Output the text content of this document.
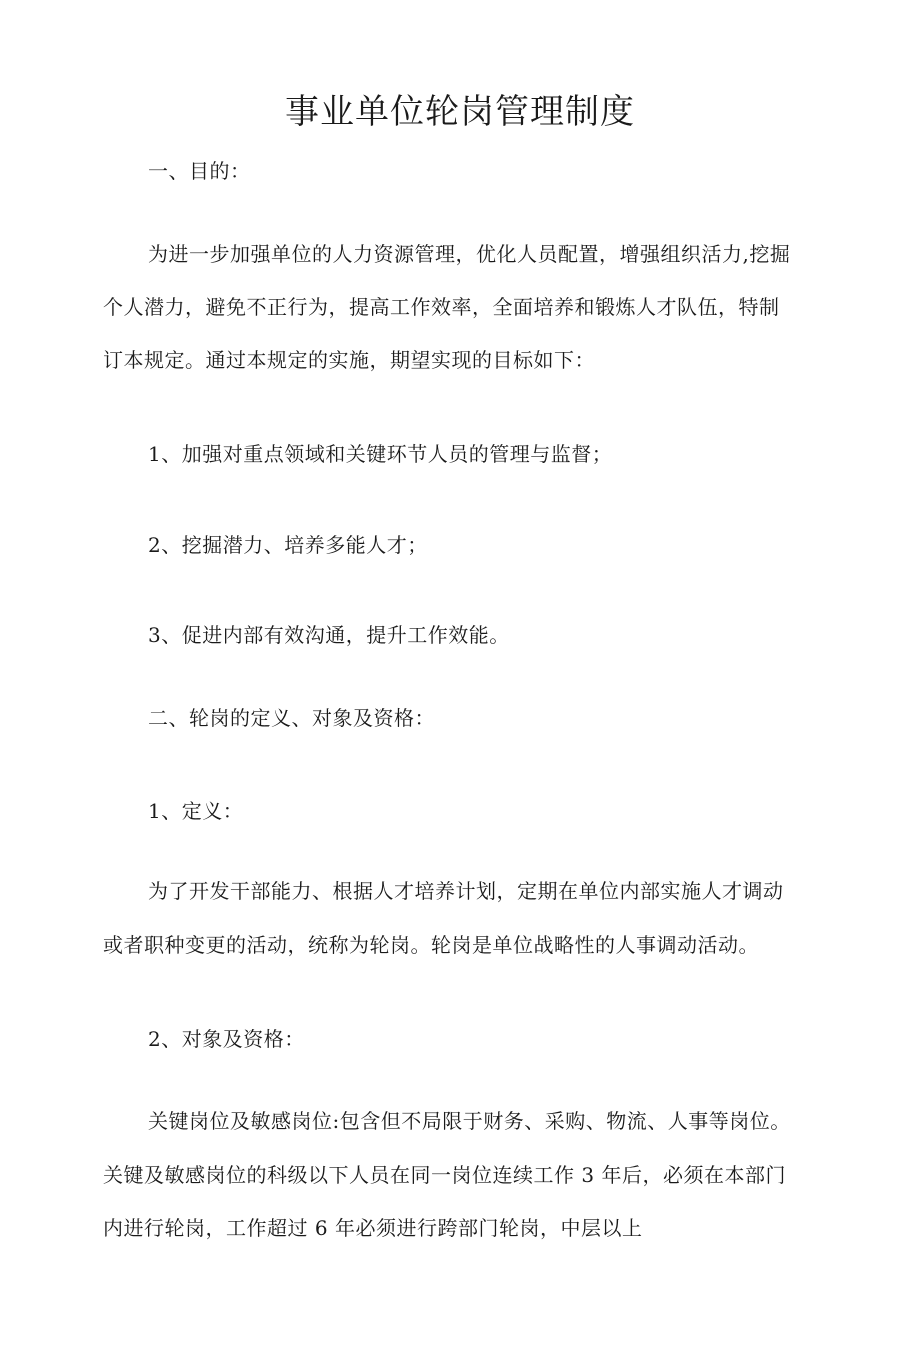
事业单位轮岗管理制度
一、目的：
为进一步加强单位的人力资源管理，优化人员配置，增强组织活力,挖掘
个人潜力，避免不正行为，提高工作效率，全面培养和锻炼人才队伍，特制
订本规定。通过本规定的实施，期望实现的目标如下：
1、加强对重点领域和关键环节人员的管理与监督；
2、挖掘潜力、培养多能人才；
3、促进内部有效沟通，提升工作效能。
二、轮岗的定义、对象及资格：
1、定义：
为了开发干部能力、根据人才培养计划，定期在单位内部实施人才调动
或者职种变更的活动，统称为轮岗。轮岗是单位战略性的人事调动活动。
2、对象及资格：
关键岗位及敏感岗位:包含但不局限于财务、采购、物流、人事等岗位。
关键及敏感岗位的科级以下人员在同一岗位连续工作 3 年后，必须在本部门
内进行轮岗，工作超过 6 年必须进行跨部门轮岗，中层以上
